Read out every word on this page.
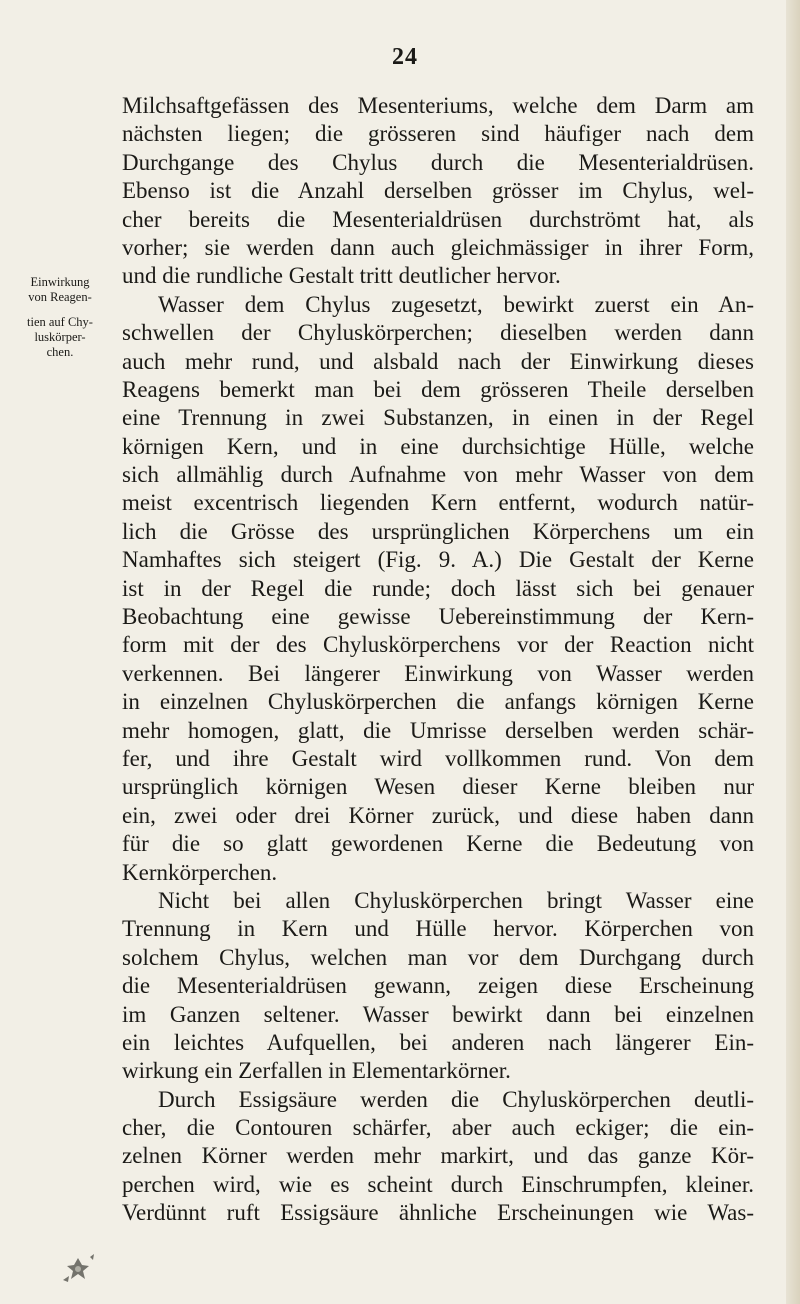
24
Einwirkung
von Reagen-
tien auf Chy-
luskörper-
chen.
Milchsaftgefässen des Mesenteriums, welche dem Darm am
nächsten liegen; die grösseren sind häufiger nach dem
Durchgange des Chylus durch die Mesenterialdrüsen.
Ebenso ist die Anzahl derselben grösser im Chylus, wel-
cher bereits die Mesenterialdrüsen durchströmt hat, als
vorher; sie werden dann auch gleichmässiger in ihrer Form,
und die rundliche Gestalt tritt deutlicher hervor.
Wasser dem Chylus zugesetzt, bewirkt zuerst ein An-
schwellen der Chyluskörperchen; dieselben werden dann
auch mehr rund, und alsbald nach der Einwirkung dieses
Reagens bemerkt man bei dem grösseren Theile derselben
eine Trennung in zwei Substanzen, in einen in der Regel
körnigen Kern, und in eine durchsichtige Hülle, welche
sich allmählig durch Aufnahme von mehr Wasser von dem
meist excentrisch liegenden Kern entfernt, wodurch natür-
lich die Grösse des ursprünglichen Körperchens um ein
Namhaftes sich steigert (Fig. 9. A.) Die Gestalt der Kerne
ist in der Regel die runde; doch lässt sich bei genauer
Beobachtung eine gewisse Uebereinstimmung der Kern-
form mit der des Chyluskörperchens vor der Reaction nicht
verkennen. Bei längerer Einwirkung von Wasser werden
in einzelnen Chyluskörperchen die anfangs körnigen Kerne
mehr homogen, glatt, die Umrisse derselben werden schär-
fer, und ihre Gestalt wird vollkommen rund. Von dem
ursprünglich körnigen Wesen dieser Kerne bleiben nur
ein, zwei oder drei Körner zurück, und diese haben dann
für die so glatt gewordenen Kerne die Bedeutung von
Kernkörperchen.
Nicht bei allen Chyluskörperchen bringt Wasser eine
Trennung in Kern und Hülle hervor. Körperchen von
solchem Chylus, welchen man vor dem Durchgang durch
die Mesenterialdrüsen gewann, zeigen diese Erscheinung
im Ganzen seltener. Wasser bewirkt dann bei einzelnen
ein leichtes Aufquellen, bei anderen nach längerer Ein-
wirkung ein Zerfallen in Elementarkörner.
Durch Essigsäure werden die Chyluskörperchen deutli-
cher, die Contouren schärfer, aber auch eckiger; die ein-
zelnen Körner werden mehr markirt, und das ganze Kör-
perchen wird, wie es scheint durch Einschrumpfen, kleiner.
Verdünnt ruft Essigsäure ähnliche Erscheinungen wie Was-
